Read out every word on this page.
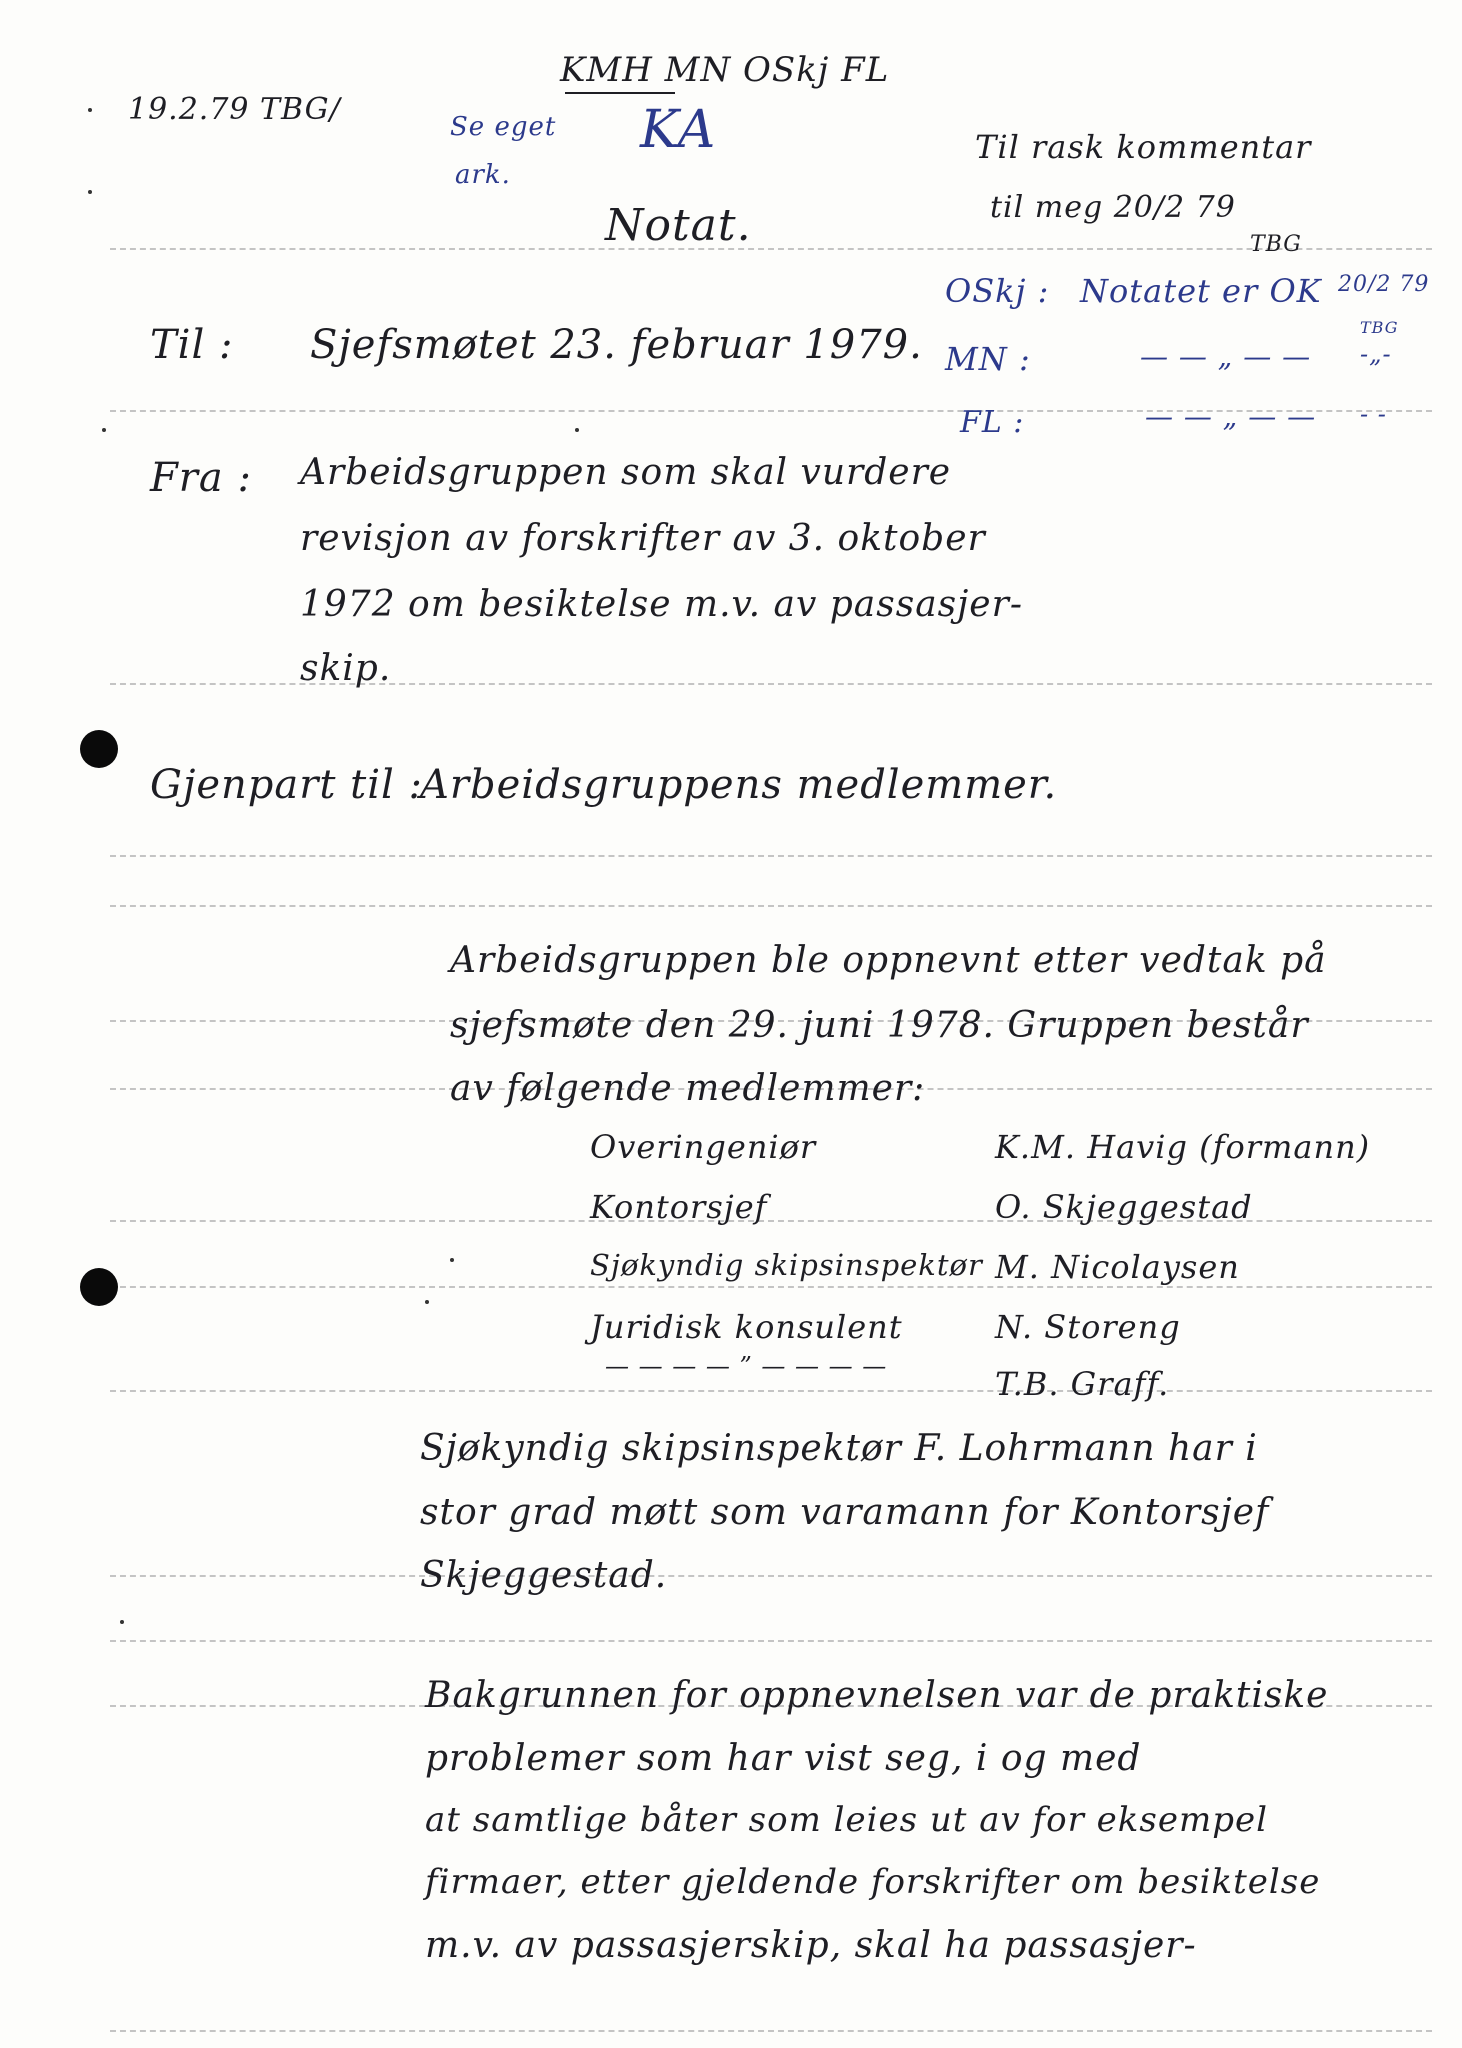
19.2.79 TBG/
KMH MN OSkj FL
KA
Se eget
ark.
Til rask kommentar
til meg 20/2 79
TBG
OSkj : Notatet er OK 20/2 79
TBG
MN :	— — „ — — -„-
FL :	— — „ — — - -
Notat.
Til : Sjefsmøtet 23. februar 1979.
Fra : Arbeidsgruppen som skal vurdere
revisjon av forskrifter av 3. oktober
1972 om besiktelse m.v. av passasjer-
skip.
Gjenpart til :
Arbeidsgruppens medlemmer.
Arbeidsgruppen ble oppnevnt etter vedtak på
sjefsmøte den 29. juni 1978. Gruppen består
av følgende medlemmer:
Overingeniør	K.M. Havig (formann)
Kontorsjef	O. Skjeggestad
Sjøkyndig skipsinspektør M. Nicolaysen
Juridisk konsulent	N. Storeng
— — — — ” — — — —	T.B. Graff.
Sjøkyndig skipsinspektør F. Lohrmann har i
stor grad møtt som varamann for Kontorsjef
Skjeggestad.
Bakgrunnen for oppnevnelsen var de praktiske
problemer som har vist seg, i og med
at samtlige båter som leies ut av for eksempel
firmaer, etter gjeldende forskrifter om besiktelse
m.v. av passasjerskip, skal ha passasjer-
